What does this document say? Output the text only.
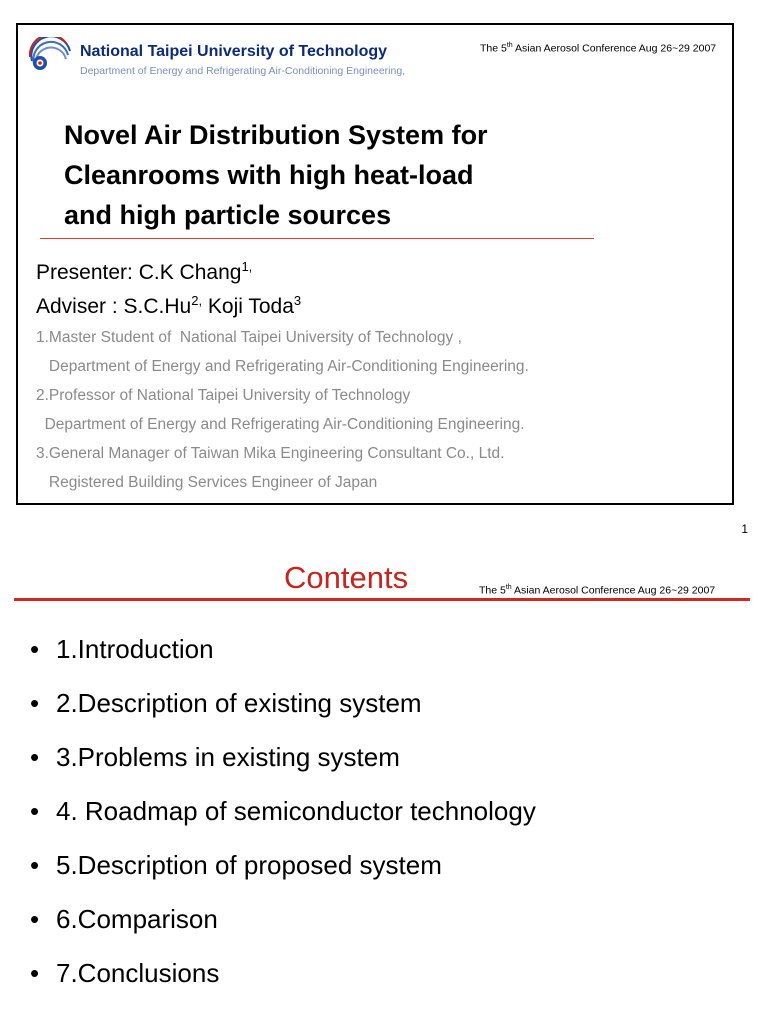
National Taipei University of Technology
Department of Energy and Refrigerating Air-Conditioning Engineering,
The 5th Asian Aerosol Conference Aug 26~29 2007
Novel Air Distribution System for
Cleanrooms with high heat-load
and high particle sources
Presenter: C.K Chang$^{1,}$
Adviser : $S.C.Hu^{2,}$ Koji Toda$^3$
1.Master Student of  National Taipei University of Technology ,
Department of Energy and Refrigerating Air-Conditioning Engineering.
2.Professor of National Taipei University of Technology
Department of Energy and Refrigerating Air-Conditioning Engineering.
3.General Manager of Taiwan Mika Engineering Consultant Co., Ltd.
Registered Building Services Engineer of Japan
1
Contents	The 5th Asian Aerosol Conference Aug 26~29 2007
• 1.Introduction
• 2.Description of existing system
• 3.Problems in existing system
• 4. Roadmap of semiconductor technology
• 5.Description of proposed system
• 6.Comparison
• 7.Conclusions
